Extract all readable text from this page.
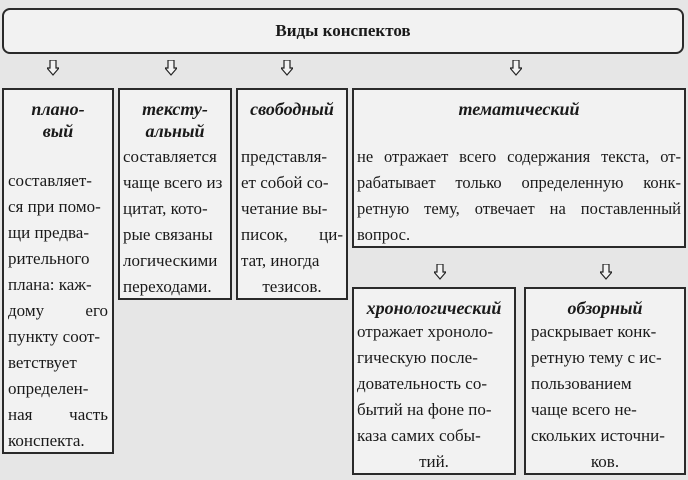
Виды конспектов
плано-
вый
составляет-
ся при помо-
щи предва-
рительного
плана: каж-
дому его
пункту соот-
ветствует
определен-
ная часть
конспекта.
тексту-
альный
составляется
чаще всего из
цитат, кото-
рые связаны
логическими
переходами.
свободный
представля-
ет собой со-
четание вы-
писок, ци-
тат, иногда
тезисов.
тематический
не отражает всего содержания текста, от-
рабатывает только определенную конк-
ретную тему, отвечает на поставленный
вопрос.
хронологический
отражает хроноло-
гическую после-
довательность со-
бытий на фоне по-
каза самих собы-
тий.
обзорный
раскрывает конк-
ретную тему с ис-
пользованием
чаще всего не-
скольких источни-
ков.
